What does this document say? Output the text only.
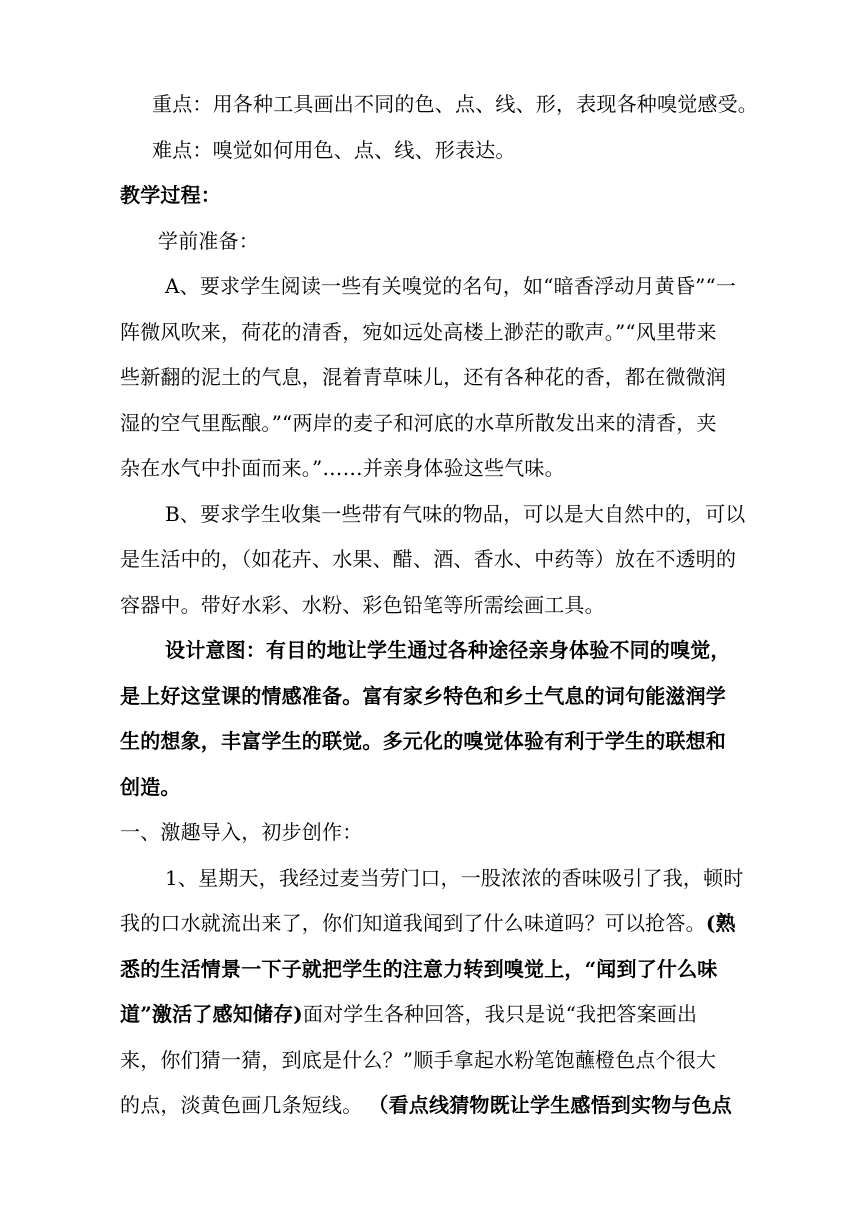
重点：用各种工具画出不同的色、点、线、形，表现各种嗅觉感受。
难点：嗅觉如何用色、点、线、形表达。
教学过程：
学前准备：
A、要求学生阅读一些有关嗅觉的名句，如“暗香浮动月黄昏”“一
阵微风吹来，荷花的清香，宛如远处高楼上渺茫的歌声。”“风里带来
些新翻的泥土的气息，混着青草味儿，还有各种花的香，都在微微润
湿的空气里酝酿。”“两岸的麦子和河底的水草所散发出来的清香，夹
杂在水气中扑面而来。”……并亲身体验这些气味。
B、要求学生收集一些带有气味的物品，可以是大自然中的，可以
是生活中的，（如花卉、水果、醋、酒、香水、中药等）放在不透明的
容器中。带好水彩、水粉、彩色铅笔等所需绘画工具。
设计意图：有目的地让学生通过各种途径亲身体验不同的嗅觉，
是上好这堂课的情感准备。富有家乡特色和乡土气息的词句能滋润学
生的想象，丰富学生的联觉。多元化的嗅觉体验有利于学生的联想和
创造。
一、激趣导入，初步创作：
1、星期天，我经过麦当劳门口，一股浓浓的香味吸引了我，顿时
我的口水就流出来了，你们知道我闻到了什么味道吗？可以抢答。(熟
悉的生活情景一下子就把学生的注意力转到嗅觉上，“闻到了什么味
道”激活了感知储存)面对学生各种回答，我只是说“我把答案画出
来，你们猜一猜，到底是什么？”顺手拿起水粉笔饱蘸橙色点个很大
的点，淡黄色画几条短线。 （看点线猜物既让学生感悟到实物与色点
